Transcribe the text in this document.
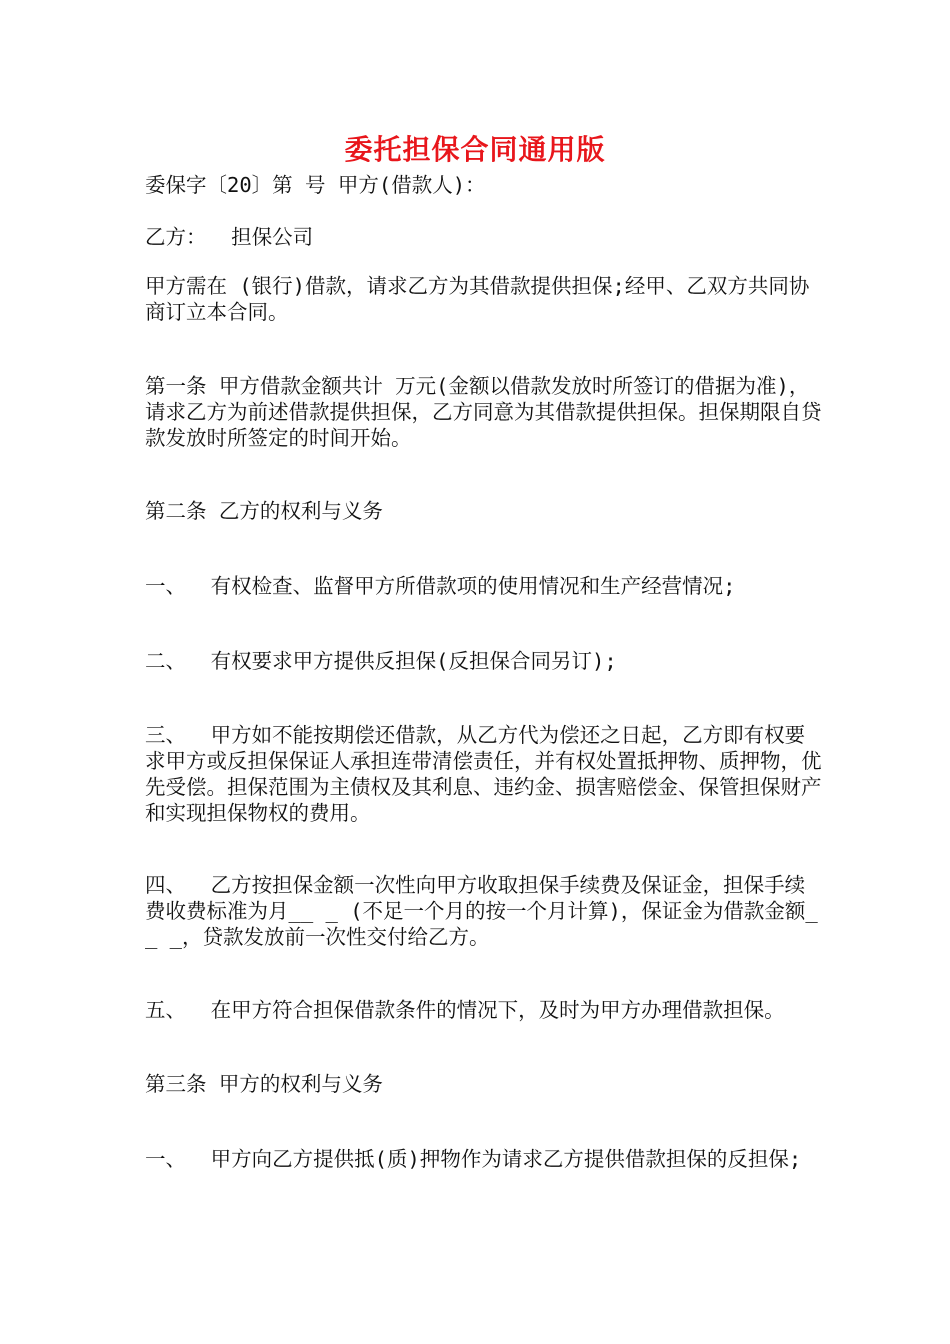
委托担保合同通用版

委保字〔20〕第 号 甲方(借款人)：

乙方：  担保公司

甲方需在 (银行)借款，请求乙方为其借款提供担保;经甲、乙双方共同协商订立本合同。

第一条 甲方借款金额共计 万元(金额以借款发放时所签订的借据为准)，请求乙方为前述借款提供担保，乙方同意为其借款提供担保。担保期限自贷款发放时所签定的时间开始。

第二条 乙方的权利与义务

一、  有权检查、监督甲方所借款项的使用情况和生产经营情况;

二、  有权要求甲方提供反担保(反担保合同另订);

三、  甲方如不能按期偿还借款，从乙方代为偿还之日起，乙方即有权要求甲方或反担保保证人承担连带清偿责任，并有权处置抵押物、质押物，优先受偿。担保范围为主债权及其利息、违约金、损害赔偿金、保管担保财产和实现担保物权的费用。

四、  乙方按担保金额一次性向甲方收取担保手续费及保证金，担保手续费收费标准为月__ _ (不足一个月的按一个月计算)，保证金为借款金额__ _，贷款发放前一次性交付给乙方。

五、  在甲方符合担保借款条件的情况下，及时为甲方办理借款担保。

第三条 甲方的权利与义务

一、  甲方向乙方提供抵(质)押物作为请求乙方提供借款担保的反担保;
